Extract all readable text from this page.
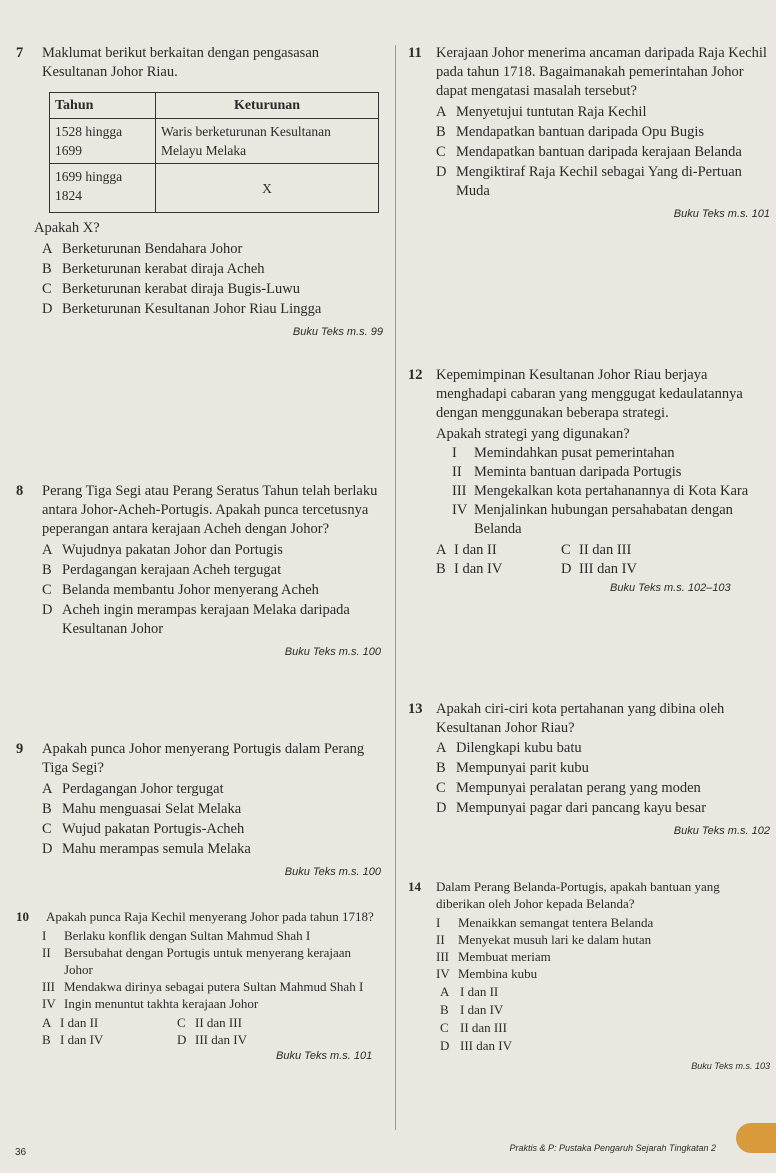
7	Maklumat berikut berkaitan dengan pengasasan Kesultanan Johor Riau.
Tahun	Keturunan
1528 hingga 1699	Waris berketurunan Kesultanan Melayu Melaka
1699 hingga 1824	X
Apakah X?
A Berketurunan Bendahara Johor
B Berketurunan kerabat diraja Acheh
C Berketurunan kerabat diraja Bugis-Luwu
D Berketurunan Kesultanan Johor Riau Lingga
Buku Teks m.s. 99
8	Perang Tiga Segi atau Perang Seratus Tahun telah berlaku antara Johor-Acheh-Portugis. Apakah punca tercetusnya peperangan antara kerajaan Acheh dengan Johor?
A Wujudnya pakatan Johor dan Portugis
B Perdagangan kerajaan Acheh tergugat
C Belanda membantu Johor menyerang Acheh
D Acheh ingin merampas kerajaan Melaka daripada Kesultanan Johor
Buku Teks m.s. 100
9	Apakah punca Johor menyerang Portugis dalam Perang Tiga Segi?
A Perdagangan Johor tergugat
B Mahu menguasai Selat Melaka
C Wujud pakatan Portugis-Acheh
D Mahu merampas semula Melaka
Buku Teks m.s. 100
10	Apakah punca Raja Kechil menyerang Johor pada tahun 1718?
I	Berlaku konflik dengan Sultan Mahmud Shah I
II	Bersubahat dengan Portugis untuk menyerang kerajaan Johor
III Mendakwa dirinya sebagai putera Sultan Mahmud Shah I
IV Ingin menuntut takhta kerajaan Johor
A I dan II	C II dan III
B I dan IV	D III dan IV
Buku Teks m.s. 101
11 Kerajaan Johor menerima ancaman daripada Raja Kechil pada tahun 1718. Bagaimanakah pemerintahan Johor dapat mengatasi masalah tersebut?
A Menyetujui tuntutan Raja Kechil
B Mendapatkan bantuan daripada Opu Bugis
C Mendapatkan bantuan daripada kerajaan Belanda
D Mengiktiraf Raja Kechil sebagai Yang di-Pertuan Muda
Buku Teks m.s. 101
12 Kepemimpinan Kesultanan Johor Riau berjaya menghadapi cabaran yang menggugat kedaulatannya dengan menggunakan beberapa strategi.
Apakah strategi yang digunakan?
I	Memindahkan pusat pemerintahan
II Meminta bantuan daripada Portugis
III Mengekalkan kota pertahanannya di Kota Kara
IV Menjalinkan hubungan persahabatan dengan Belanda
A I dan II	C II dan III
B I dan IV	D III dan IV
Buku Teks m.s. 102–103
13 Apakah ciri-ciri kota pertahanan yang dibina oleh Kesultanan Johor Riau?
A Dilengkapi kubu batu
B Mempunyai parit kubu
C Mempunyai peralatan perang yang moden
D Mempunyai pagar dari pancang kayu besar
Buku Teks m.s. 102
14	Dalam Perang Belanda-Portugis, apakah bantuan yang diberikan oleh Johor kepada Belanda?
I	Menaikkan semangat tentera Belanda
II	Menyekat musuh lari ke dalam hutan
III Membuat meriam
IV Membina kubu
A I dan II
B I dan IV
C II dan III
D III dan IV
Buku Teks m.s. 103
36	Praktis & P: Pustaka Pengaruh Sejarah Tingkatan 2
